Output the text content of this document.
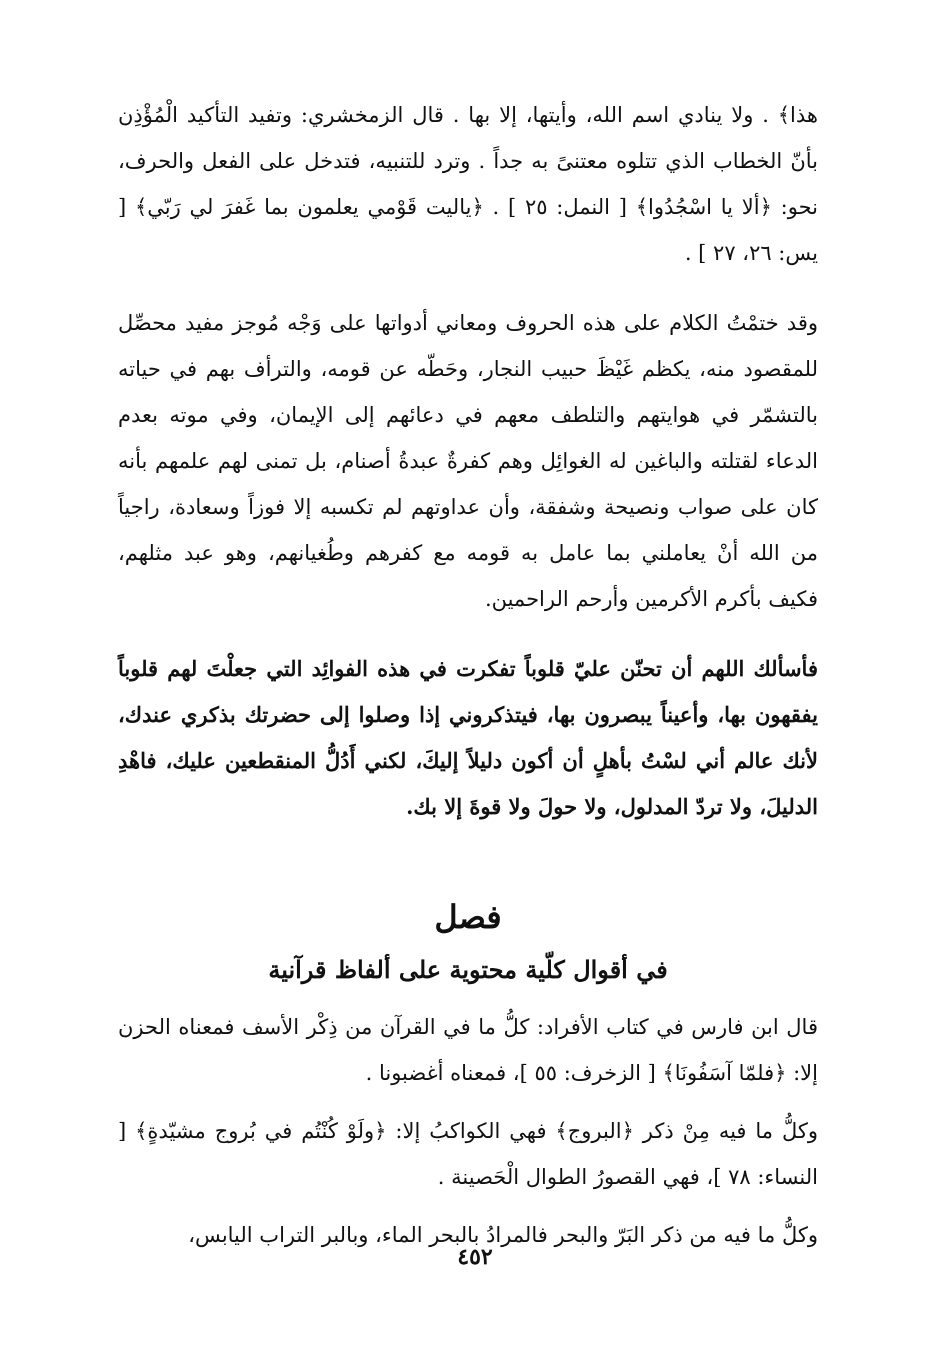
هذا﴾ . ولا ينادي اسم الله، وأيتها، إلا بها . قال الزمخشري: وتفيد التأكيد الْمُؤْذِن بأنّ الخطاب الذي تتلوه معتنىً به جداً . وترد للتنبيه، فتدخل على الفعل والحرف، نحو: ﴿ألا يا اسْجُدُوا﴾ [ النمل: ٢٥ ] . ﴿ياليت قَوْمي يعلمون بما غَفرَ لي رَبّي﴾ [ يس: ٢٦، ٢٧ ] .

وقد ختمْتُ الكلام على هذه الحروف ومعاني أدواتها على وَجْه مُوجز مفيد محصِّل للمقصود منه، يكظم غَيْظَ حبيب النجار، وحَطّه عن قومه، والترأف بهم في حياته بالتشمّر في هوايتهم والتلطف معهم في دعائهم إلى الإيمان، وفي موته بعدم الدعاء لقتلته والباغين له الغوائِل وهم كفرةٌ عبدةُ أصنام، بل تمنى لهم علمهم بأنه كان على صواب ونصيحة وشفقة، وأن عداوتهم لم تكسبه إلا فوزاً وسعادة، راجياً من الله أنْ يعاملني بما عامل به قومه مع كفرهم وطُغيانهم، وهو عبد مثلهم، فكيف بأكرم الأكرمين وأرحم الراحمين.

فأسألك اللهم أن تحنّن عليّ قلوباً تفكرت في هذه الفوائِد التي جعلْتَ لهم قلوباً يفقهون بها، وأعيناً يبصرون بها، فيتذكروني إذا وصلوا إلى حضرتك بذكري عندك، لأنك عالم أني لسْتُ بأهلٍ أن أكون دليلاً إليكَ، لكني أَدُلُّ المنقطعين عليك، فاهْدِ الدليلَ، ولا تردّ المدلول، ولا حولَ ولا قوةَ إلا بك.

فصل
في أقوال كلّية محتوية على ألفاظ قرآنية

قال ابن فارس في كتاب الأفراد: كلُّ ما في القرآن من ذِكْر الأسف فمعناه الحزن إلا: ﴿فلمّا آسَفُونَا﴾ [ الزخرف: ٥٥ ]، فمعناه أغضبونا .

وكلُّ ما فيه مِنْ ذكر ﴿البروج﴾ فهي الكواكبُ إلا: ﴿ولَوْ كُنْتُم في بُروج مشيّدةٍ﴾ [ النساء: ٧٨ ]، فهي القصورُ الطوال الْحَصينة .

وكلُّ ما فيه من ذكر البَرّ والبحر فالمرادُ بالبحر الماء، وبالبر التراب اليابس،

٤٥٢
